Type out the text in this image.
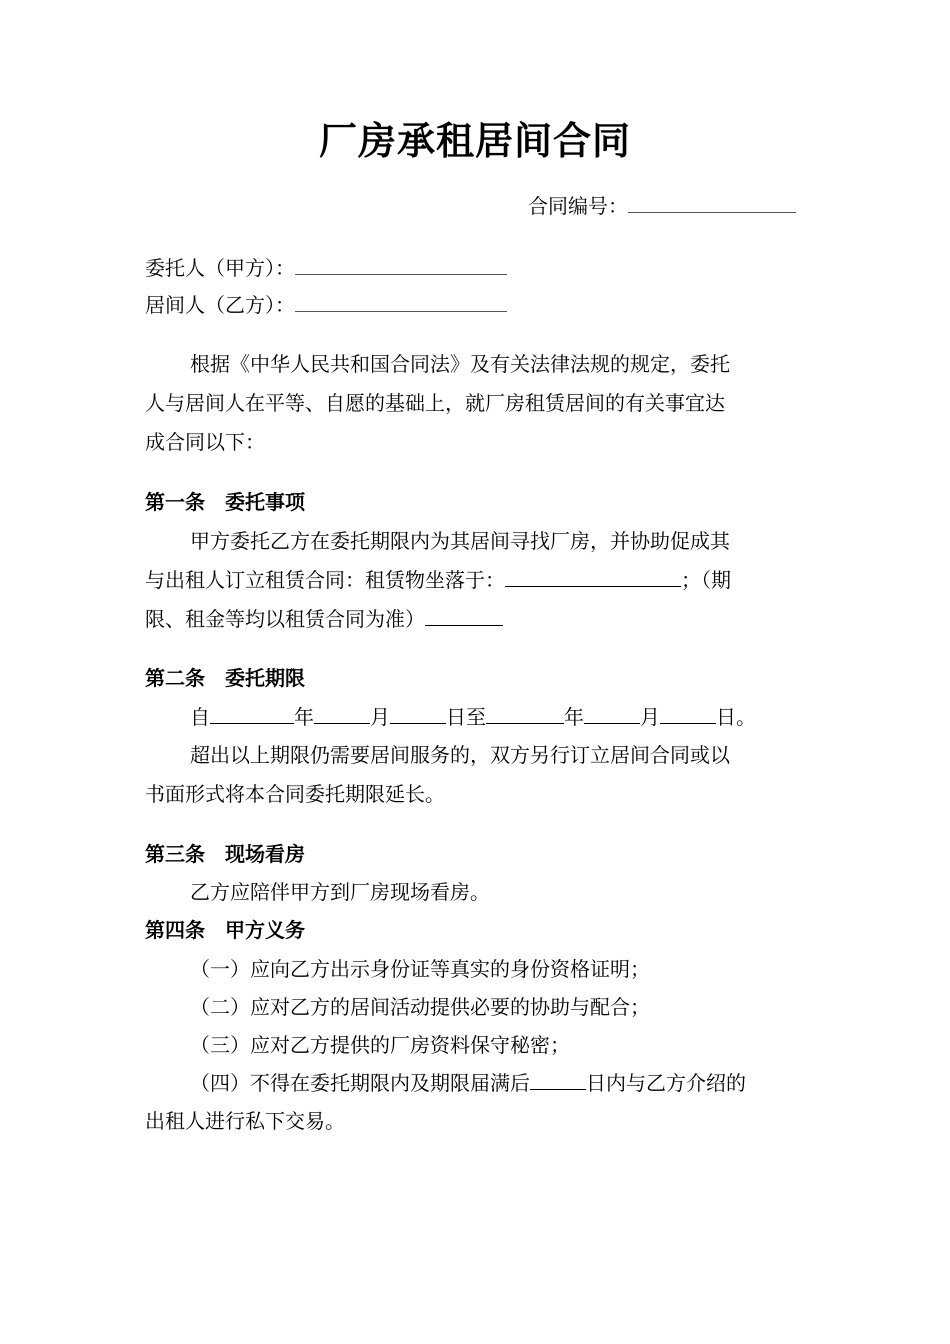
厂房承租居间合同
合同编号：
委托人（甲方）：
居间人（乙方）：
根据《中华人民共和国合同法》及有关法律法规的规定，委托
人与居间人在平等、自愿的基础上，就厂房租赁居间的有关事宜达
成合同以下：
第一条　委托事项
甲方委托乙方在委托期限内为其居间寻找厂房，并协助促成其
与出租人订立租赁合同：租赁物坐落于：	；（期
限、租金等均以租赁合同为准）
第二条　委托期限
自	年	月	日至	年	月	日。
超出以上期限仍需要居间服务的，双方另行订立居间合同或以
书面形式将本合同委托期限延长。
第三条　现场看房
乙方应陪伴甲方到厂房现场看房。
第四条　甲方义务
（一）应向乙方出示身份证等真实的身份资格证明；
（二）应对乙方的居间活动提供必要的协助与配合；
（三）应对乙方提供的厂房资料保守秘密；
（四）不得在委托期限内及期限届满后	日内与乙方介绍的
出租人进行私下交易。
